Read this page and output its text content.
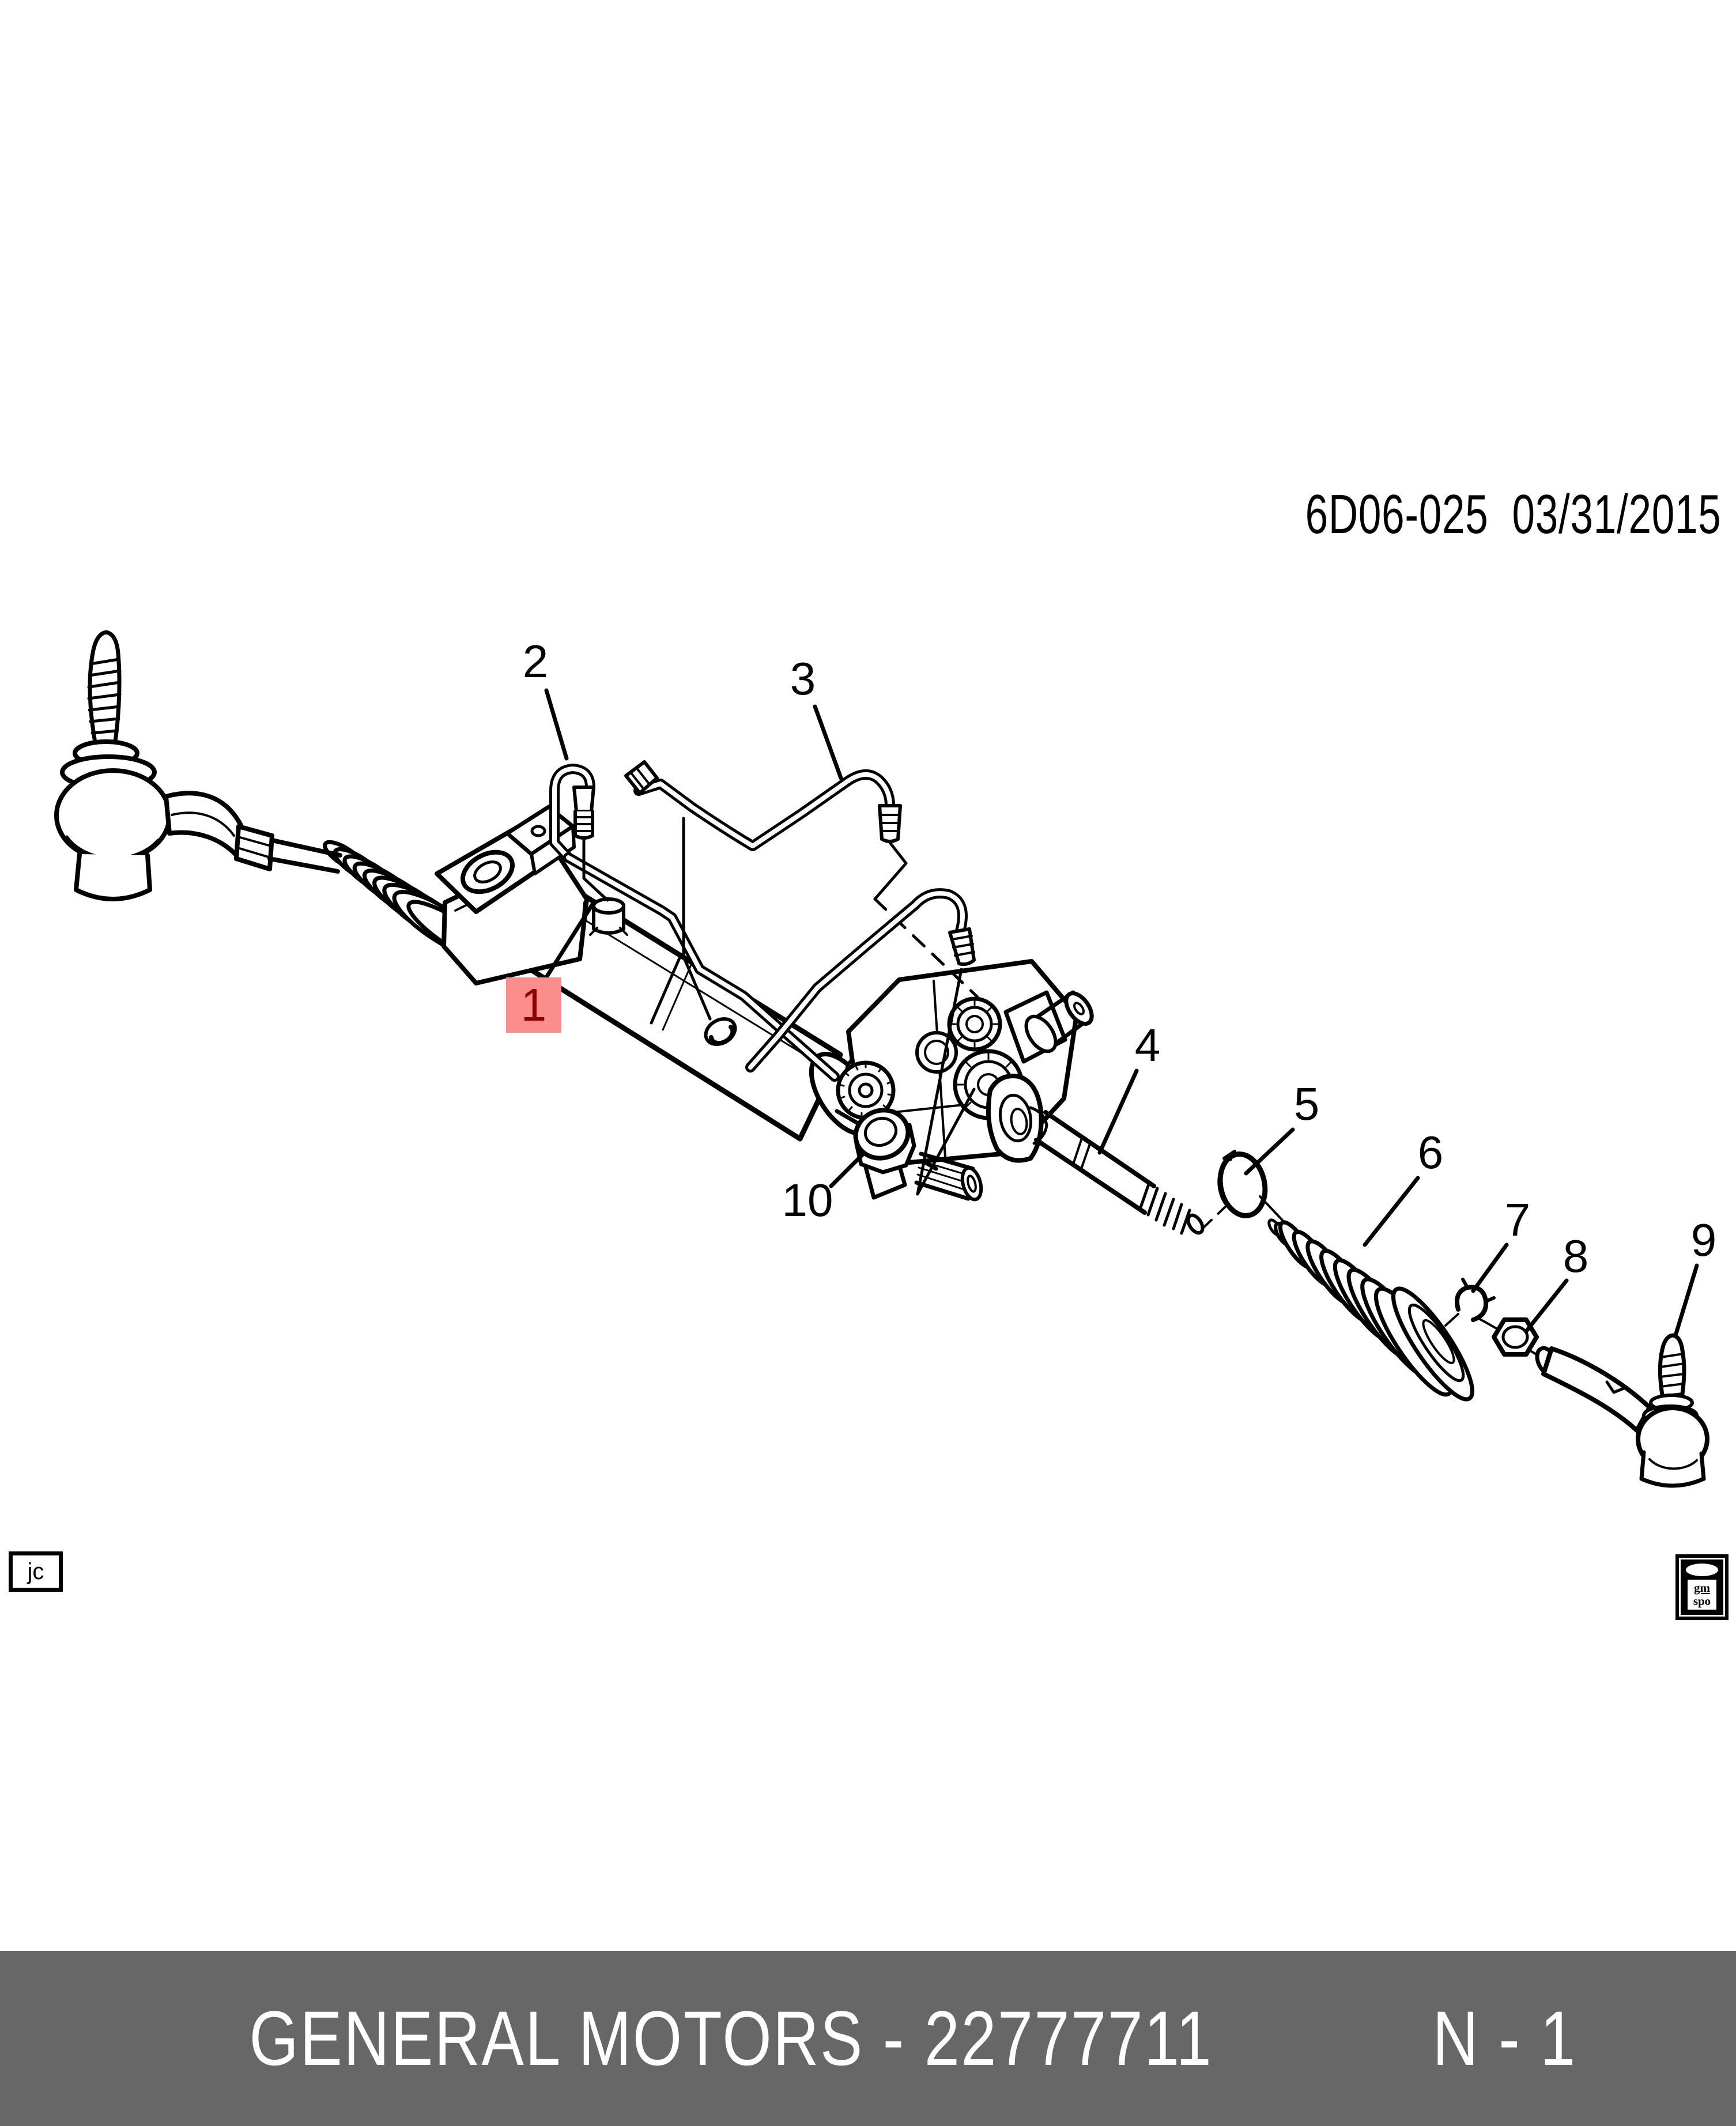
6D06-025  03/31/2015
1
2	3
4
5
6
7
8 9
10
jc
gm
spo
GENERAL MOTORS - 22777711	N - 1
